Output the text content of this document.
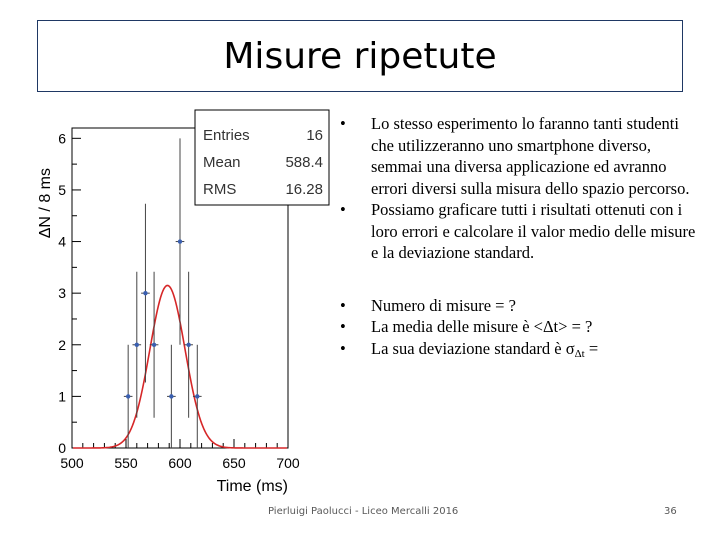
Misure ripetute
500 550 600 650 700
0
1
2
3
4
5
6
Time (ms)
ΔN / 8 ms
Entries	16
Mean	588.4
RMS	16.28
• Lo stesso esperimento lo faranno tanti studenti che utilizzeranno uno smartphone diverso, semmai una diversa applicazione ed avranno errori diversi sulla misura dello spazio percorso.
• Possiamo graficare tutti i risultati ottenuti con i loro errori e calcolare il valor medio delle misure e la deviazione standard.
• Numero di misure = ?
• La media delle misure è <Δt> = ?
• La sua deviazione standard è $\sigma_{\Delta t}$ =
Pierluigi Paolucci - Liceo Mercalli 2016	36
